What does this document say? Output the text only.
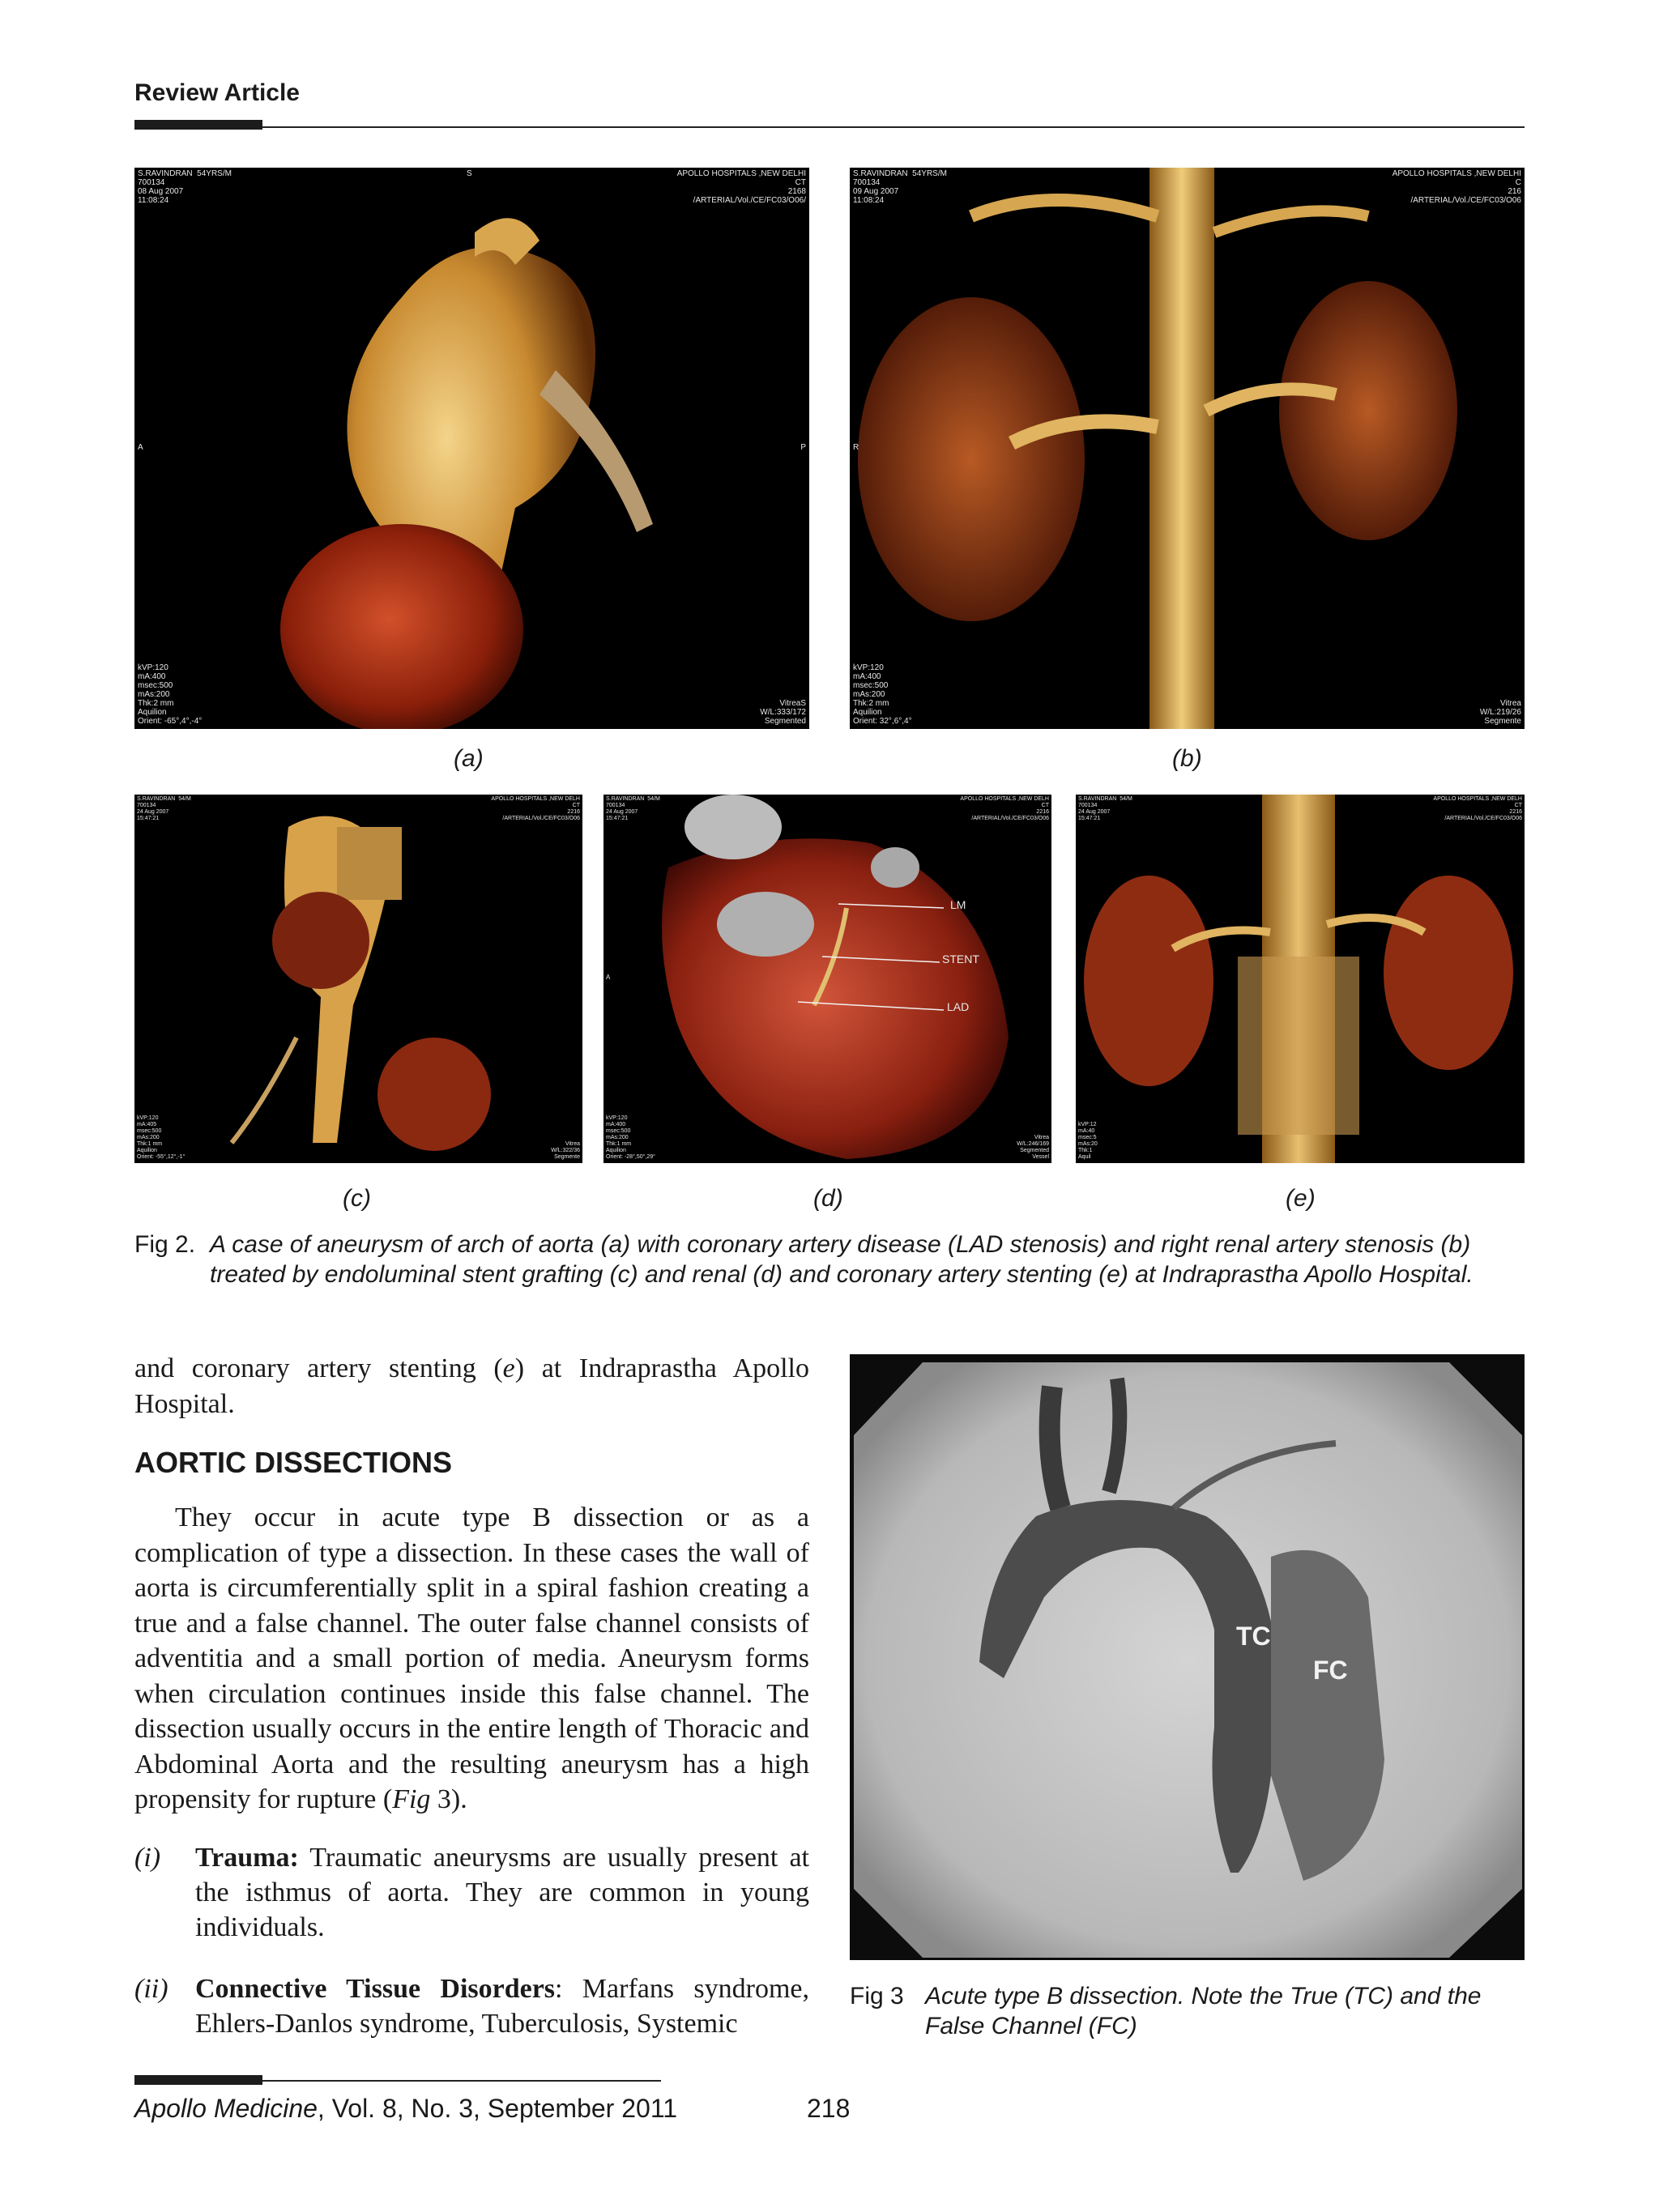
Review Article
S.RAVINDRAN  54YRS/M
700134
08 Aug 2007
11:08:24
S	APOLLO HOSPITALS ,NEW DELHI
CT
2168
/ARTERIAL/Vol./CE/FC03/O06/
A	P
kVP:120
mA:400
msec:500
mAs:200
Thk:2 mm
Aquilion
Orient: -65°,4°,-4°
VitreaS
W/L:333/172
Segmented
S.RAVINDRAN  54YRS/M
700134
09 Aug 2007
11:08:24
APOLLO HOSPITALS ,NEW DELHI
C
216
/ARTERIAL/Vol./CE/FC03/O06
R
kVP:120
mA:400
msec:500
mAs:200
Thk:2 mm
Aquilion
Orient: 32°,6°,4°
Vitrea
W/L:219/26
Segmente
(a)	(b)
S.RAVINDRAN  54/M
700134
24 Aug 2007
15:47:21
APOLLO HOSPITALS ,NEW DELH
CT
2216
/ARTERIAL/Vol./CE/FC03/O06
kVP:120
mA:405
msec:500
mAs:200
Thk:1 mm
Aquilion
Orient: -55°,12°,-1°
Vitrea
W/L:322/36
Segmente
S.RAVINDRAN  54/M
700134
24 Aug 2007
15:47:21
APOLLO HOSPITALS ,NEW DELH
CT
2216
/ARTERIAL/Vol./CE/FC03/O06
A
kVP:120
mA:400
msec:500
mAs:200
Thk:1 mm
Aquilion
Orient: -28°,50°,29°
Vitrea
W/L:246/169
Segmented
Vessel
LM
STENT
LAD
S.RAVINDRAN  54/M
700134
24 Aug 2007
15:47:21
APOLLO HOSPITALS ,NEW DELH
CT
2216
/ARTERIAL/Vol./CE/FC03/O06
kVP:12
mA:40
msec:5
mAs:20
Thk:1
Aquil
(c)	(d)	(e)
Fig 2. A case of aneurysm of arch of aorta (a) with coronary artery disease (LAD stenosis) and right renal artery stenosis (b) treated by endoluminal stent grafting (c) and renal (d) and coronary artery stenting (e) at Indraprastha Apollo Hospital.
and coronary artery stenting (e) at Indraprastha Apollo Hospital.
AORTIC DISSECTIONS
They occur in acute type B dissection or as a complication of type a dissection. In these cases the wall of aorta is circumferentially split in a spiral fashion creating a true and a false channel. The outer false channel consists of adventitia and a small portion of media. Aneurysm forms when circulation continues inside this false channel. The dissection usually occurs in the entire length of Thoracic and Abdominal Aorta and the resulting aneurysm has a high propensity for rupture (Fig 3).
(i) Trauma: Traumatic aneurysms are usually present at the isthmus of aorta. They are common in young individuals.
(ii) Connective Tissue Disorders: Marfans syndrome, Ehlers-Danlos syndrome, Tuberculosis, Systemic
TC
FC
Fig 3 Acute type B dissection. Note the True (TC) and the False Channel (FC)
Apollo Medicine, Vol. 8, No. 3, September 2011	218
